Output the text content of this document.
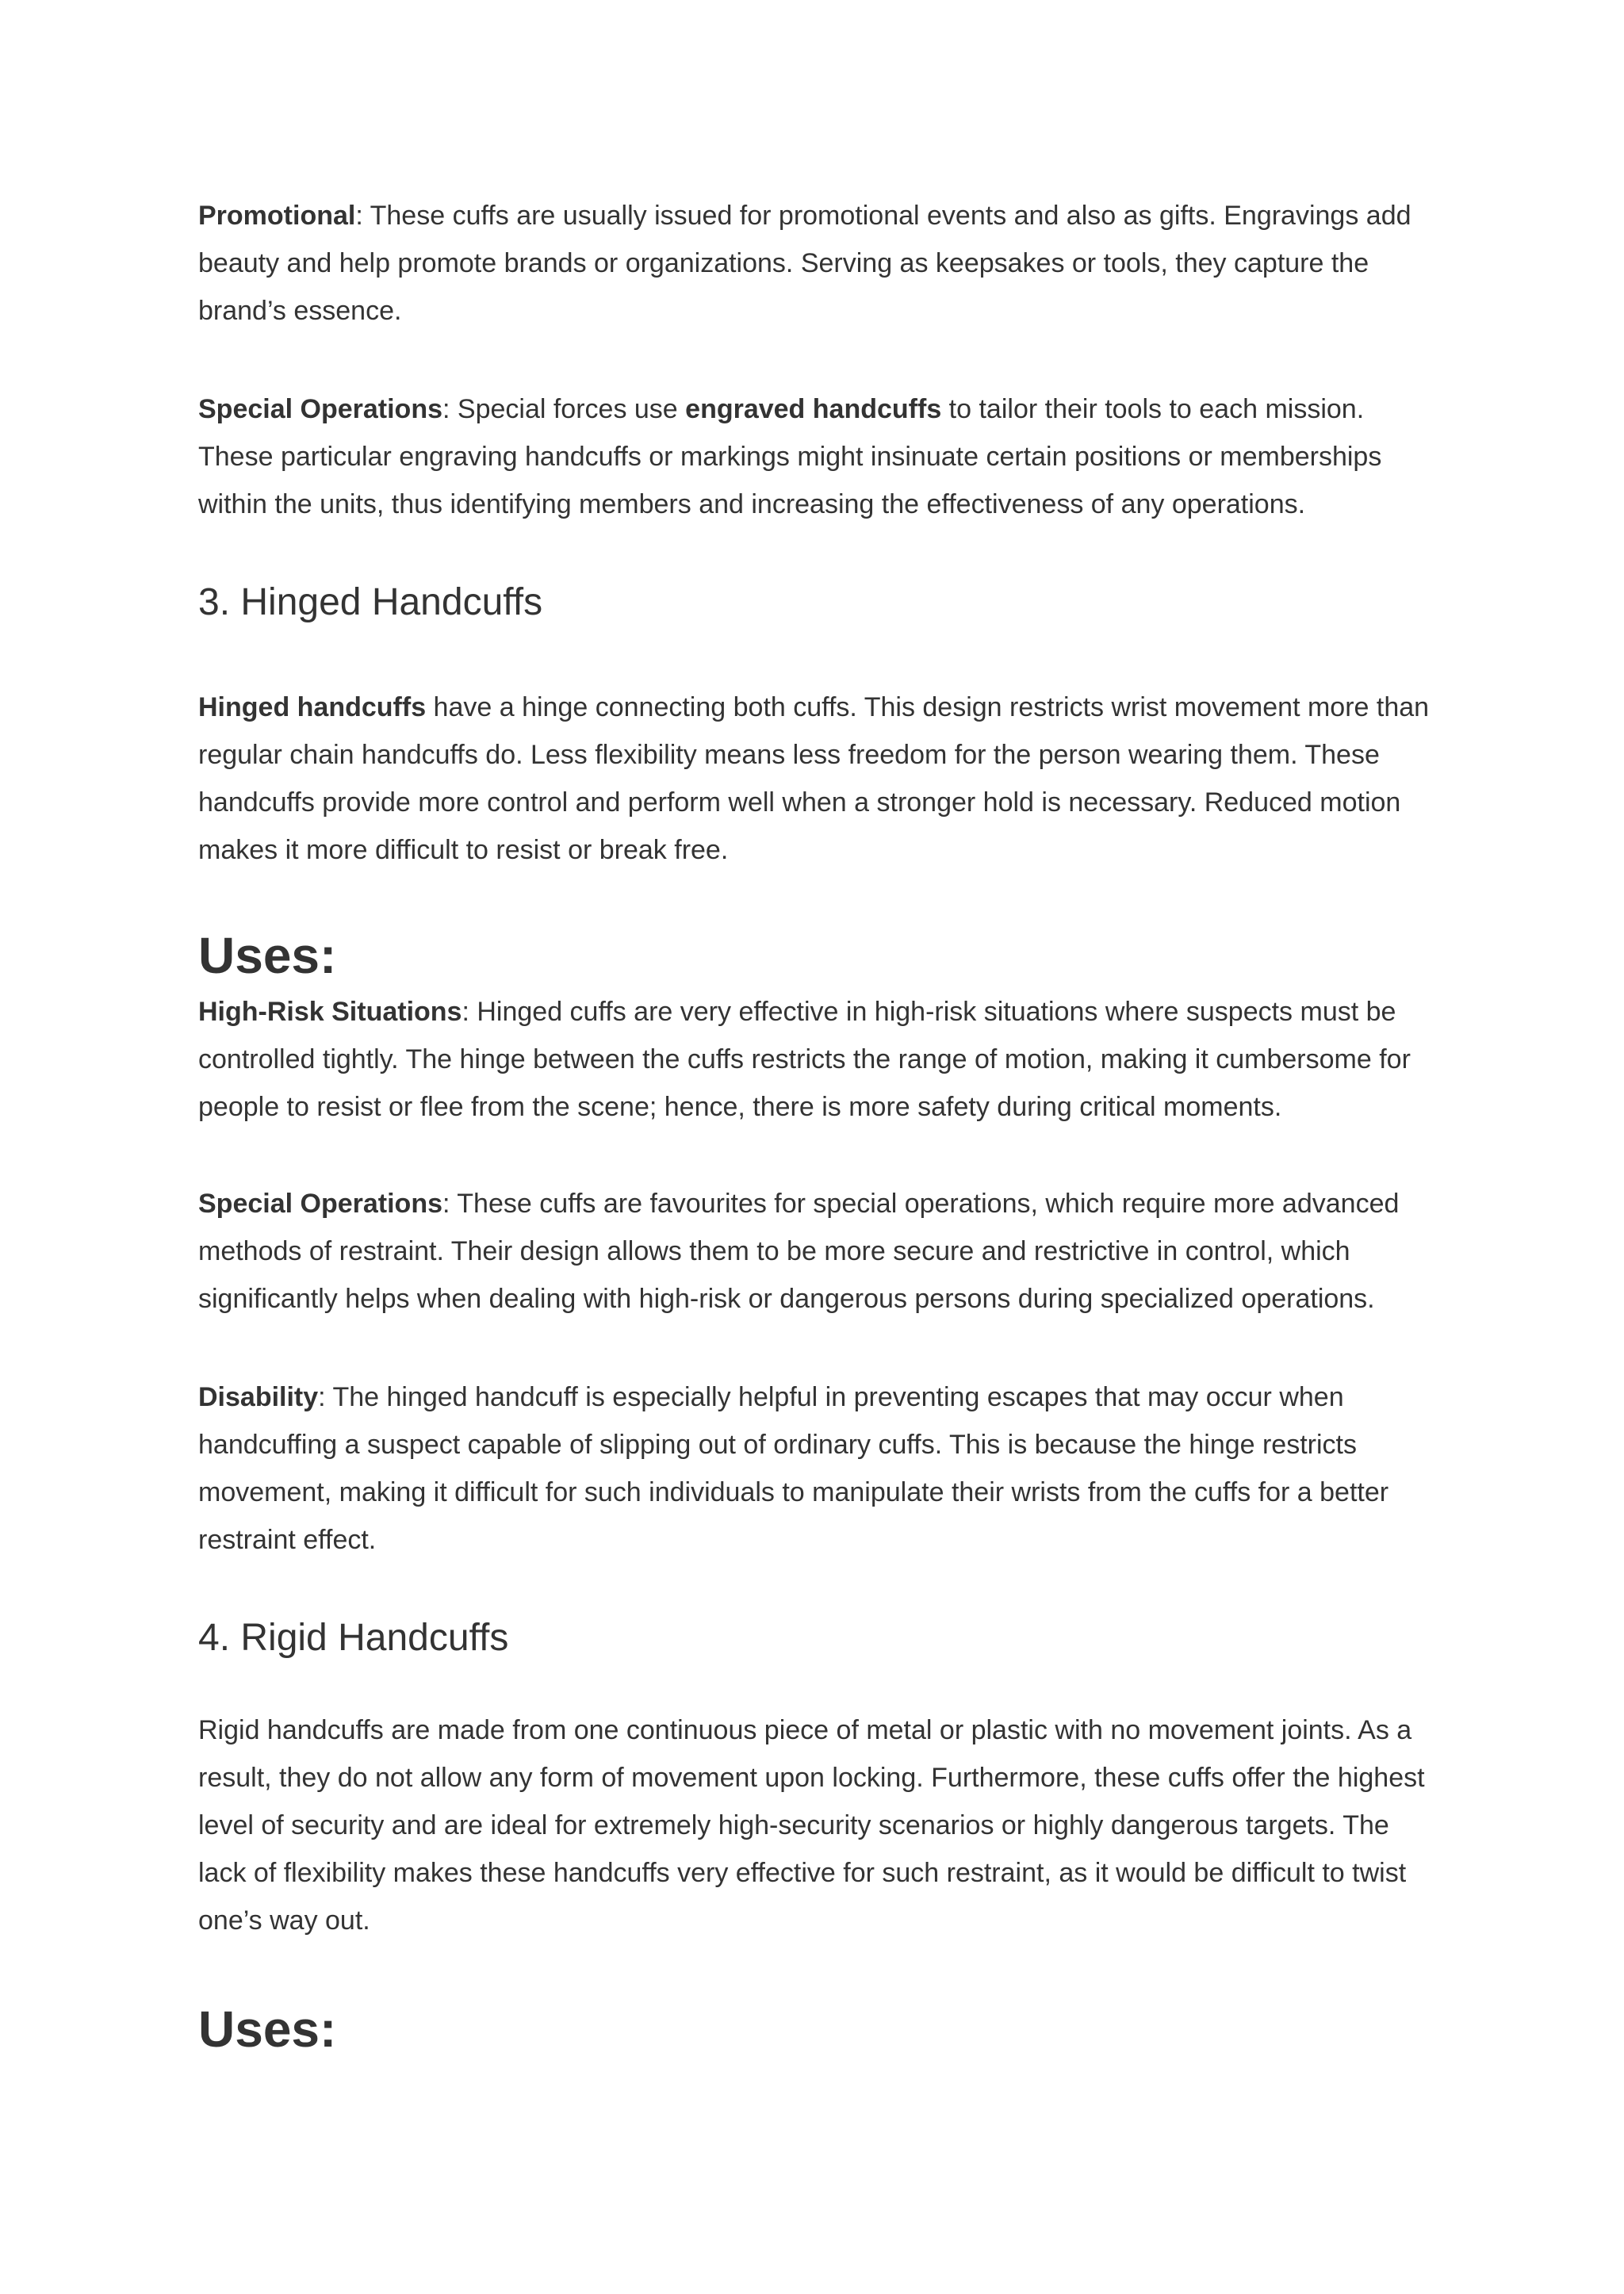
Promotional: These cuffs are usually issued for promotional events and also as gifts. Engravings add beauty and help promote brands or organizations. Serving as keepsakes or tools, they capture the brand’s essence.

Special Operations: Special forces use engraved handcuffs to tailor their tools to each mission. These particular engraving handcuffs or markings might insinuate certain positions or memberships within the units, thus identifying members and increasing the effectiveness of any operations.

3. Hinged Handcuffs

Hinged handcuffs have a hinge connecting both cuffs. This design restricts wrist movement more than regular chain handcuffs do. Less flexibility means less freedom for the person wearing them. These handcuffs provide more control and perform well when a stronger hold is necessary. Reduced motion makes it more difficult to resist or break free.

Uses:

High-Risk Situations: Hinged cuffs are very effective in high-risk situations where suspects must be controlled tightly. The hinge between the cuffs restricts the range of motion, making it cumbersome for people to resist or flee from the scene; hence, there is more safety during critical moments.

Special Operations: These cuffs are favourites for special operations, which require more advanced methods of restraint. Their design allows them to be more secure and restrictive in control, which significantly helps when dealing with high-risk or dangerous persons during specialized operations.

Disability: The hinged handcuff is especially helpful in preventing escapes that may occur when handcuffing a suspect capable of slipping out of ordinary cuffs. This is because the hinge restricts movement, making it difficult for such individuals to manipulate their wrists from the cuffs for a better restraint effect.

4. Rigid Handcuffs

Rigid handcuffs are made from one continuous piece of metal or plastic with no movement joints. As a result, they do not allow any form of movement upon locking. Furthermore, these cuffs offer the highest level of security and are ideal for extremely high-security scenarios or highly dangerous targets. The lack of flexibility makes these handcuffs very effective for such restraint, as it would be difficult to twist one’s way out.

Uses:
